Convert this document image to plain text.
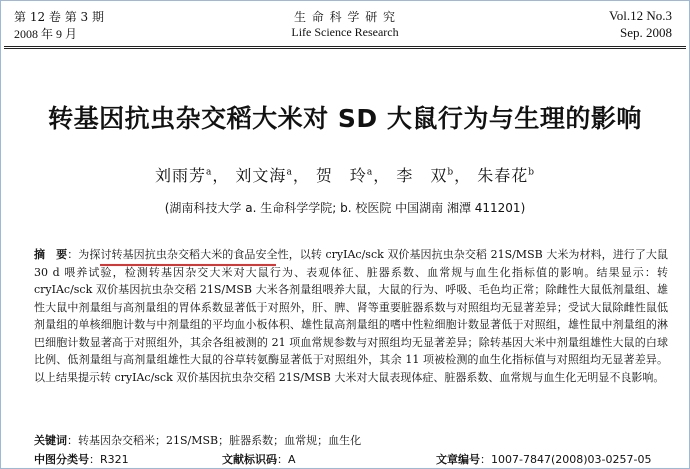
第 12 卷 第 3 期
2008 年 9 月
生 命 科 学 研 究
Life Science Research
Vol.12 No.3
Sep. 2008
转基因抗虫杂交稻大米对 SD 大鼠行为与生理的影响
刘雨芳$^a$， 刘文海$^a$， 贺　玲$^a$， 李　双$^b$， 朱春花$^b$
(湖南科技大学 a. 生命科学学院; b. 校医院 中国湖南 湘潭 411201)
摘　要：为探讨转基因抗虫杂交稻大米的食品安全性，以转 cryIAc/sck 双价基因抗虫杂交稻 21S/MSB 大米为材料，进行了大鼠 30 d 喂养试验，检测转基因杂交大米对大鼠行为、表观体征、脏器系数、血常规与血生化指标值的影响。结果显示：转 cryIAc/sck 双价基因抗虫杂交稻 21S/MSB 大米各剂量组喂养大鼠，大鼠的行为、呼吸、毛色均正常；除雌性大鼠低剂量组、雄性大鼠中剂量组与高剂量组的胃体系数显著低于对照外，肝、脾、肾等重要脏器系数与对照组均无显著差异；受试大鼠除雌性鼠低剂量组的单核细胞计数与中剂量组的平均血小板体积、雄性鼠高剂量组的嗜中性粒细胞计数显著低于对照组，雄性鼠中剂量组的淋巴细胞计数显著高于对照组外，其余各组被测的 21 项血常规参数与对照组均无显著差异；除转基因大米中剂量组雄性大鼠的白球比例、低剂量组与高剂量组雄性大鼠的谷草转氨酶显著低于对照组外，其余 11 项被检测的血生化指标值与对照组均无显著差异。以上结果提示转 cryIAc/sck 双价基因抗虫杂交稻 21S/MSB 大米对大鼠表现体症、脏器系数、血常规与血生化无明显不良影响。
关键词：转基因杂交稻米；21S/MSB；脏器系数；血常规；血生化
中图分类号：R321	文献标识码：A	文章编号：1007-7847(2008)03-0257-05
